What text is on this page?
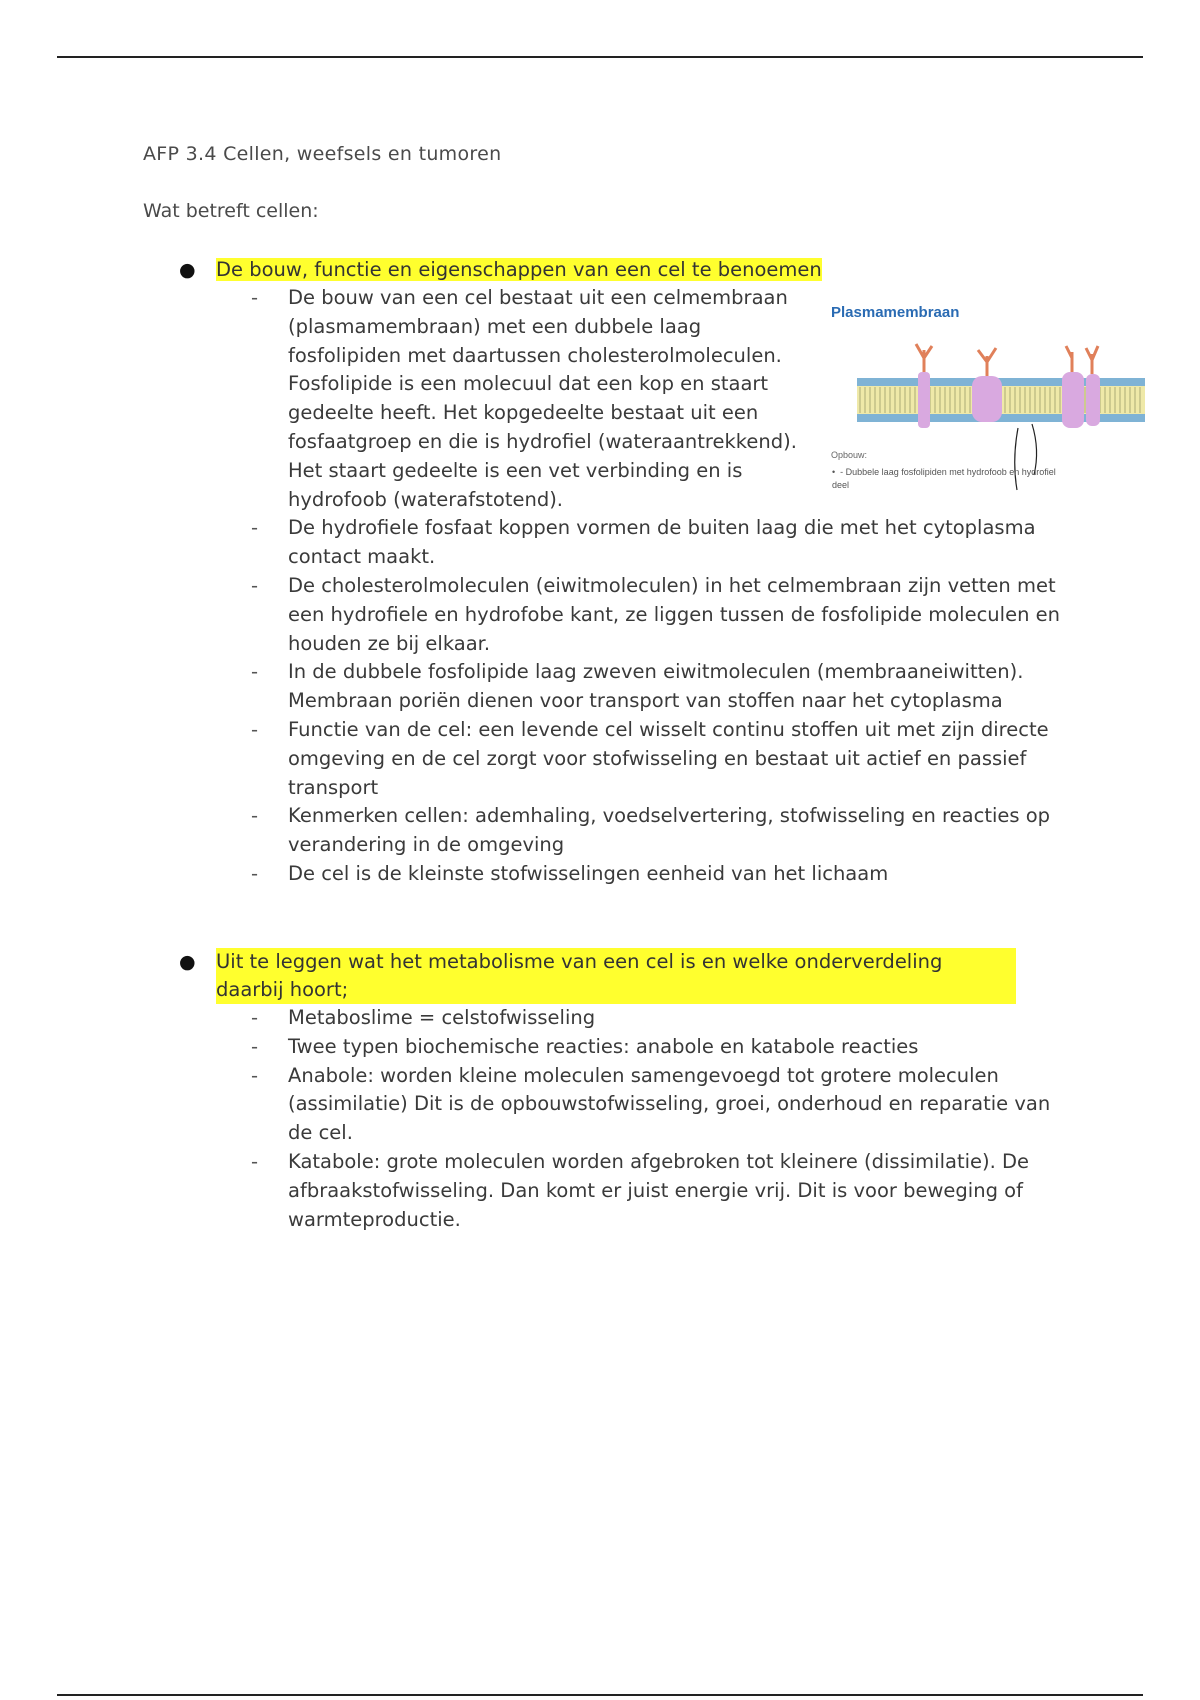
AFP 3.4 Cellen, weefsels en tumoren
Wat betreft cellen:
● De bouw, functie en eigenschappen van een cel te benoemen
- De bouw van een cel bestaat uit een celmembraan (plasmamembraan) met een dubbele laag fosfolipiden met daartussen cholesterolmoleculen. Fosfolipide is een molecuul dat een kop en staart gedeelte heeft. Het kopgedeelte bestaat uit een fosfaatgroep en die is hydrofiel (wateraantrekkend). Het staart gedeelte is een vet verbinding en is hydrofoob (waterafstotend).
- De hydrofiele fosfaat koppen vormen de buiten laag die met het cytoplasma contact maakt.
- De cholesterolmoleculen (eiwitmoleculen) in het celmembraan zijn vetten met een hydrofiele en hydrofobe kant, ze liggen tussen de fosfolipide moleculen en houden ze bij elkaar.
- In de dubbele fosfolipide laag zweven eiwitmoleculen (membraaneiwitten). Membraan poriën dienen voor transport van stoffen naar het cytoplasma
- Functie van de cel: een levende cel wisselt continu stoffen uit met zijn directe omgeving en de cel zorgt voor stofwisseling en bestaat uit actief en passief transport
- Kenmerken cellen: ademhaling, voedselvertering, stofwisseling en reacties op verandering in de omgeving
- De cel is de kleinste stofwisselingen eenheid van het lichaam
Plasmamembraan
Opbouw:
•  - Dubbele laag fosfolipiden met hydrofoob en hydrofiel deel
● Uit te leggen wat het metabolisme van een cel is en welke onderverdeling daarbij hoort;
- Metaboslime = celstofwisseling
- Twee typen biochemische reacties: anabole en katabole reacties
- Anabole: worden kleine moleculen samengevoegd tot grotere moleculen (assimilatie) Dit is de opbouwstofwisseling, groei, onderhoud en reparatie van de cel.
- Katabole: grote moleculen worden afgebroken tot kleinere (dissimilatie). De afbraakstofwisseling. Dan komt er juist energie vrij. Dit is voor beweging of warmteproductie.
